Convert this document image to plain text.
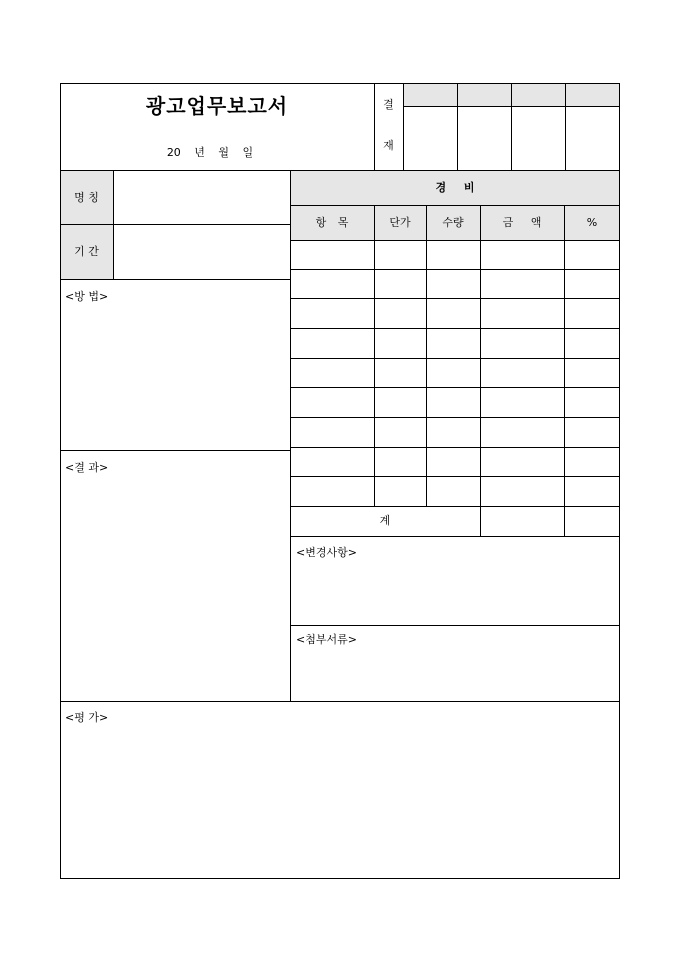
광고업무보고서
20 년 월 일
결
재
명 칭
기 간
<방 법>
<결 과>
경 비
항 목	단가	수량	금 액	%
계
<변경사항>
<첨부서류>
<평 가>
